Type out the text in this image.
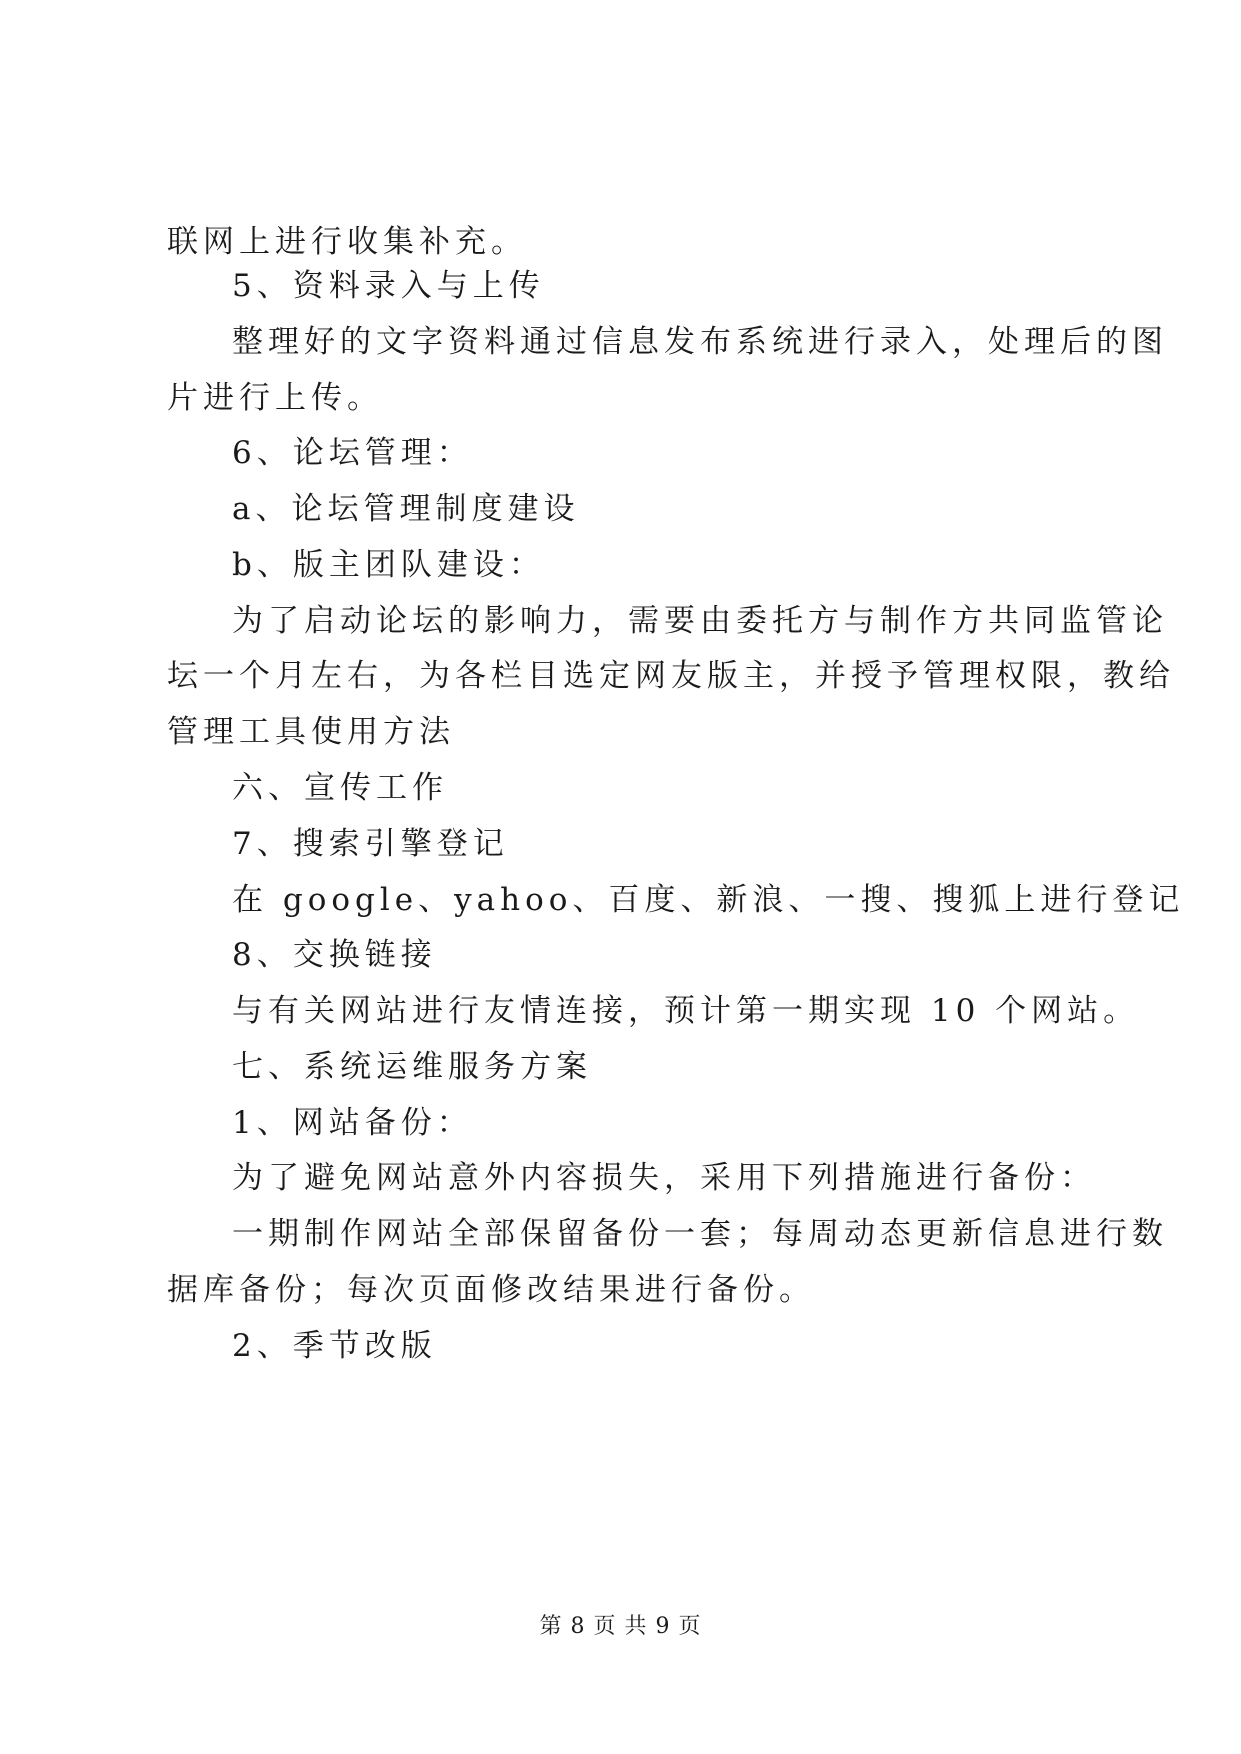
联网上进行收集补充。
5、资料录入与上传
整理好的文字资料通过信息发布系统进行录入，处理后的图
片进行上传。
6、论坛管理：
a、论坛管理制度建设
b、版主团队建设：
为了启动论坛的影响力，需要由委托方与制作方共同监管论
坛一个月左右，为各栏目选定网友版主，并授予管理权限，教给
管理工具使用方法
六、宣传工作
7、搜索引擎登记
在 google、yahoo、百度、新浪、一搜、搜狐上进行登记
8、交换链接
与有关网站进行友情连接，预计第一期实现 10 个网站。
七、系统运维服务方案
1、网站备份：
为了避免网站意外内容损失，采用下列措施进行备份：
一期制作网站全部保留备份一套；每周动态更新信息进行数
据库备份；每次页面修改结果进行备份。
2、季节改版
第 8 页 共 9 页
